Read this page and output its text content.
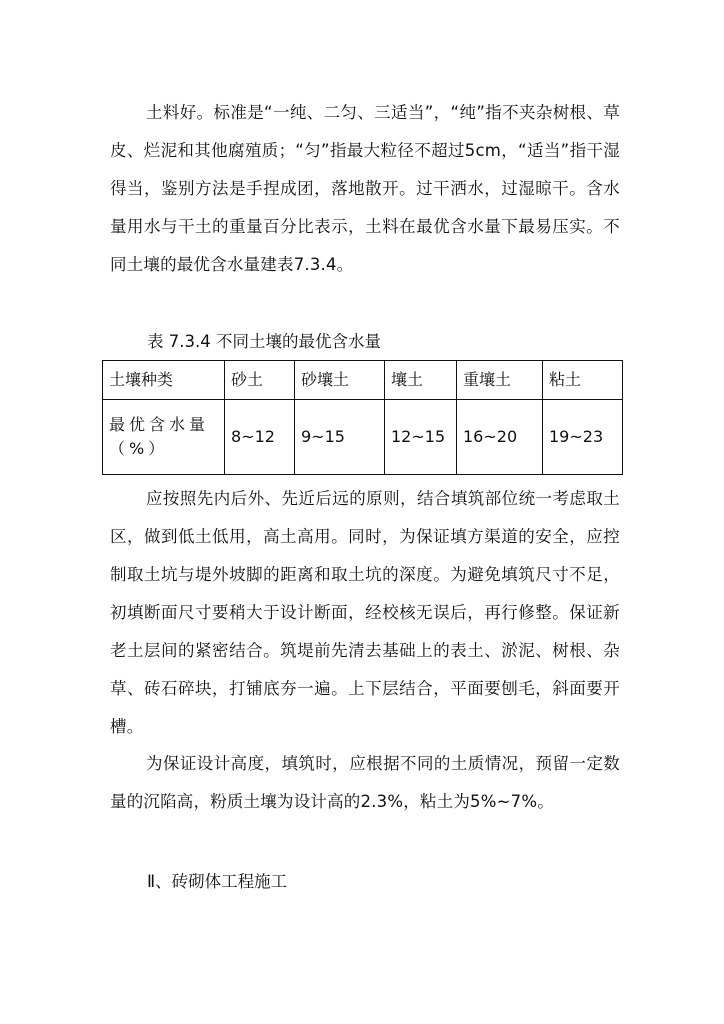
土料好。标准是“一纯、二匀、三适当”，“纯”指不夹杂树根、草皮、烂泥和其他腐殖质；“匀”指最大粒径不超过5cm，“适当”指干湿得当，鉴别方法是手捏成团，落地散开。过干洒水，过湿晾干。含水量用水与干土的重量百分比表示，土料在最优含水量下最易压实。不同土壤的最优含水量建表7.3.4。

表 7.3.4 不同土壤的最优含水量
土壤种类	砂土	砂壤土	壤土	重壤土	粘土
最优含水量（%）	8~12	9~15	12~15	16~20	19~23

应按照先内后外、先近后远的原则，结合填筑部位统一考虑取土区，做到低土低用，高土高用。同时，为保证填方渠道的安全，应控制取土坑与堤外坡脚的距离和取土坑的深度。为避免填筑尺寸不足，初填断面尺寸要稍大于设计断面，经校核无误后，再行修整。保证新老土层间的紧密结合。筑堤前先清去基础上的表土、淤泥、树根、杂草、砖石碎块，打铺底夯一遍。上下层结合，平面要刨毛，斜面要开槽。

为保证设计高度，填筑时，应根据不同的土质情况，预留一定数量的沉陷高，粉质土壤为设计高的2.3%，粘土为5%~7%。

Ⅱ、砖砌体工程施工
